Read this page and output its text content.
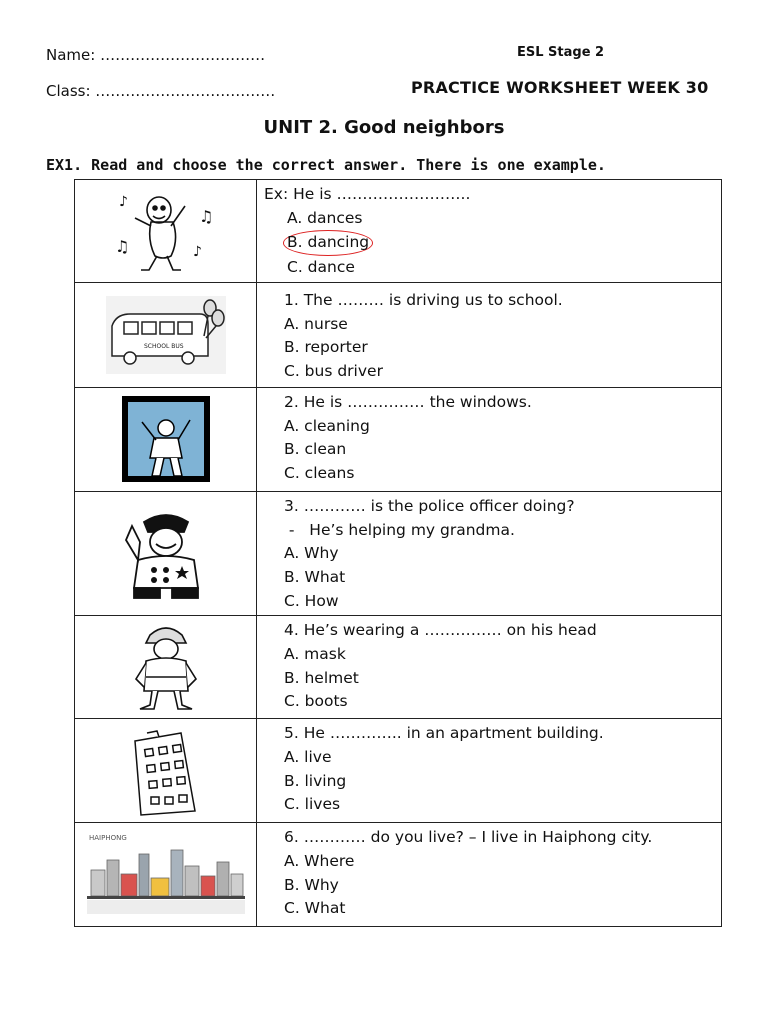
Name: ……………………………
Class: ………………………………
ESL Stage 2
PRACTICE WORKSHEET WEEK 30
UNIT 2. Good neighbors
EX1. Read and choose the correct answer. There is one example.
♪
♫
♫ ♪	Ex: He is ……………………..
A. dances
B. dancing
C. dance

SCHOOL BUS	1. The ……… is driving us to school.
A. nurse
B. reporter
C. bus driver

2. He is …………… the windows.
A. cleaning
B. clean
C. cleans

3. ………… is the police officer doing?
-   He’s helping my grandma.
A. Why
B. What
C. How

4. He’s wearing a …………… on his head
A. mask
B. helmet
C. boots

5. He ………….. in an apartment building.
A. live
B. living
C. lives

HAIPHONG	6. ………… do you live? – I live in Haiphong city.
A. Where
B. Why
C. What
